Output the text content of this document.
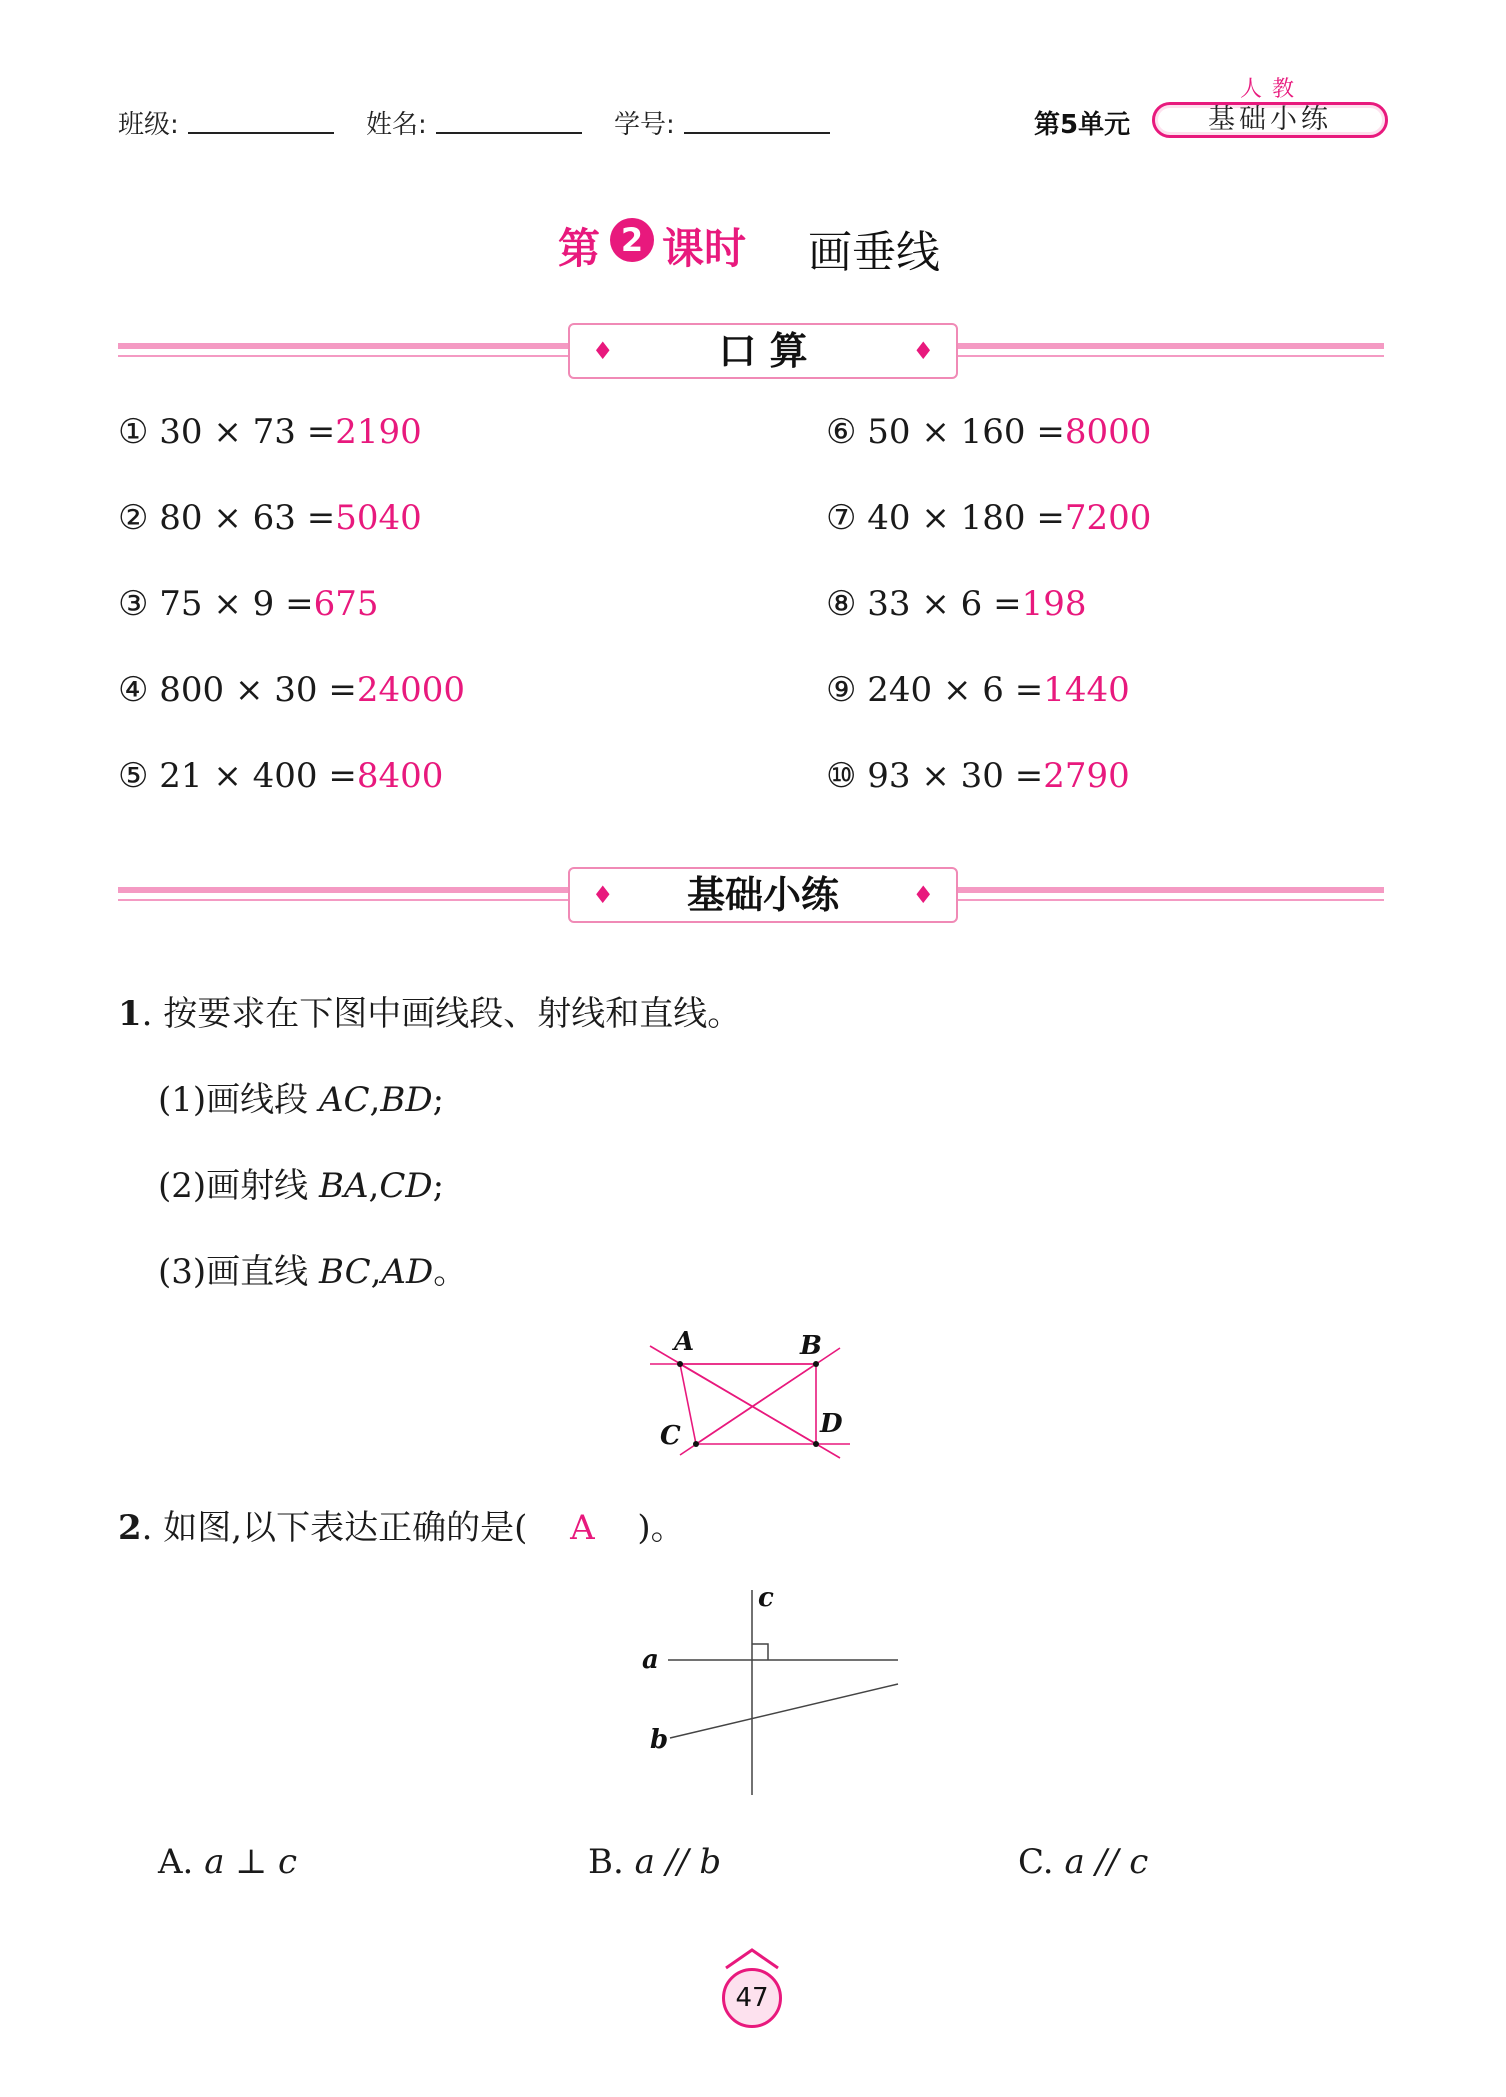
班级:	姓名:	学号:	第5单元
人教
基础小练
第 2 课时 画垂线
♦	口 算	♦
① 30 × 73 =2190
② 80 × 63 =5040
③ 75 × 9 =675
④ 800 × 30 =24000
⑤ 21 × 400 =8400
⑥ 50 × 160 =8000
⑦ 40 × 180 =7200
⑧ 33 × 6 =198
⑨ 240 × 6 =1440
⑩ 93 × 30 =2790
♦ 基础小练	♦
1. 按要求在下图中画线段、射线和直线。
(1)画线段 AC,BD;
(2)画射线 BA,CD;
(3)画直线 BC,AD。
A	B
C	D
2. 如图,以下表达正确的是( A )。
c
a
b
A. a ⊥ c	B. a // b	C. a // c
47
